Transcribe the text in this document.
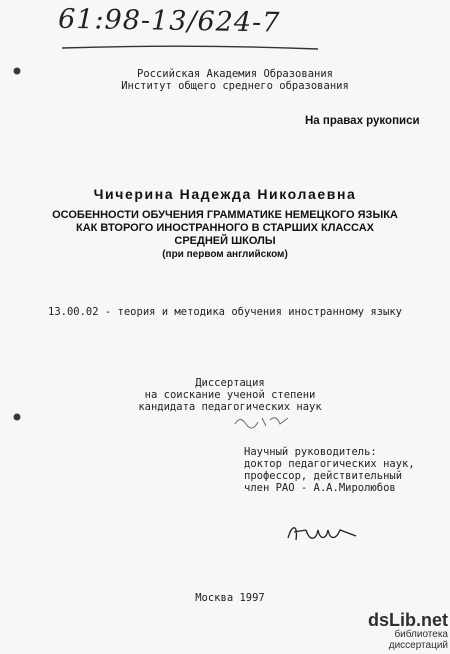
61:98-13/624-7
Российская Академия Образования
Институт общего среднего образования
На правах рукописи
Чичерина Надежда Николаевна
ОСОБЕННОСТИ ОБУЧЕНИЯ ГРАММАТИКЕ НЕМЕЦКОГО ЯЗЫКА
КАК ВТОРОГО ИНОСТРАННОГО В СТАРШИХ КЛАССАХ
СРЕДНЕЙ ШКОЛЫ
(при первом английском)
13.00.02 - теория и методика обучения иностранному языку
Диссертация
на соискание ученой степени
кандидата педагогических наук
Научный руководитель:
доктор педагогических наук,
профессор, действительный
член РАО - А.А.Миролюбов
Москва 1997
dsLib.net
библиотека диссертаций
